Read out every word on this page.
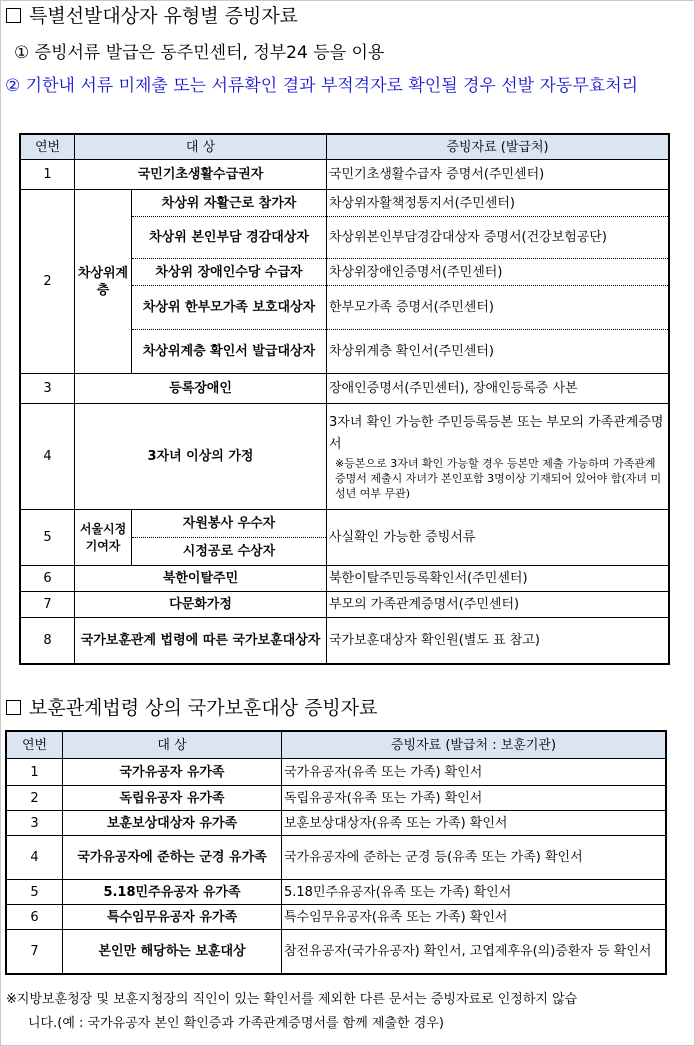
특별선발대상자 유형별 증빙자료
① 증빙서류 발급은 동주민센터, 정부24 등을 이용
② 기한내 서류 미제출 또는 서류확인 결과 부적격자로 확인될 경우 선발 자동무효처리
연번	대 상		증빙자료 (발급처)
1	국민기초생활수급권자		국민기초생활수급자 증명서(주민센터)
2	차상위계층	차상위 자활근로 참가자	차상위자활책정통지서(주민센터)
		차상위 본인부담 경감대상자	차상위본인부담경감대상자 증명서(건강보험공단)
		차상위 장애인수당 수급자	차상위장애인증명서(주민센터)
		차상위 한부모가족 보호대상자	한부모가족 증명서(주민센터)
		차상위계층 확인서 발급대상자	차상위계층 확인서(주민센터)
3	등록장애인		장애인증명서(주민센터), 장애인등록증 사본
4	3자녀 이상의 가정		3자녀 확인 가능한 주민등록등본 또는 부모의 가족관계증명서
※등본으로 3자녀 확인 가능할 경우 등본만 제출 가능하며 가족관계증명서 제출시 자녀가 본인포함 3명이상 기재되어 있어야 함(자녀 미성년 여부 무관)

5	서울시정 기여자	자원봉사 우수자	사실확인 가능한 증빙서류
		시정공로 수상자	
6	북한이탈주민		북한이탈주민등록확인서(주민센터)
7	다문화가정		부모의 가족관계증명서(주민센터)
8	국가보훈관계 법령에 따른 국가보훈대상자		국가보훈대상자 확인원(별도 표 참고)
보훈관계법령 상의 국가보훈대상 증빙자료
연번	대 상	증빙자료 (발급처 : 보훈기관)
1	국가유공자 유가족	국가유공자(유족 또는 가족) 확인서
2	독립유공자 유가족	독립유공자(유족 또는 가족) 확인서
3	보훈보상대상자 유가족	보훈보상대상자(유족 또는 가족) 확인서
4	국가유공자에 준하는 군경 유가족	국가유공자에 준하는 군경 등(유족 또는 가족) 확인서
5	5.18민주유공자 유가족	5.18민주유공자(유족 또는 가족) 확인서
6	특수임무유공자 유가족	특수임무유공자(유족 또는 가족) 확인서
7	본인만 해당하는 보훈대상	참전유공자(국가유공자) 확인서, 고엽제후유(의)증환자 등 확인서
※지방보훈청장 및 보훈지청장의 직인이 있는 확인서를 제외한 다른 문서는 증빙자료로 인정하지 않습
니다.(예 : 국가유공자 본인 확인증과 가족관계증명서를 함께 제출한 경우)
